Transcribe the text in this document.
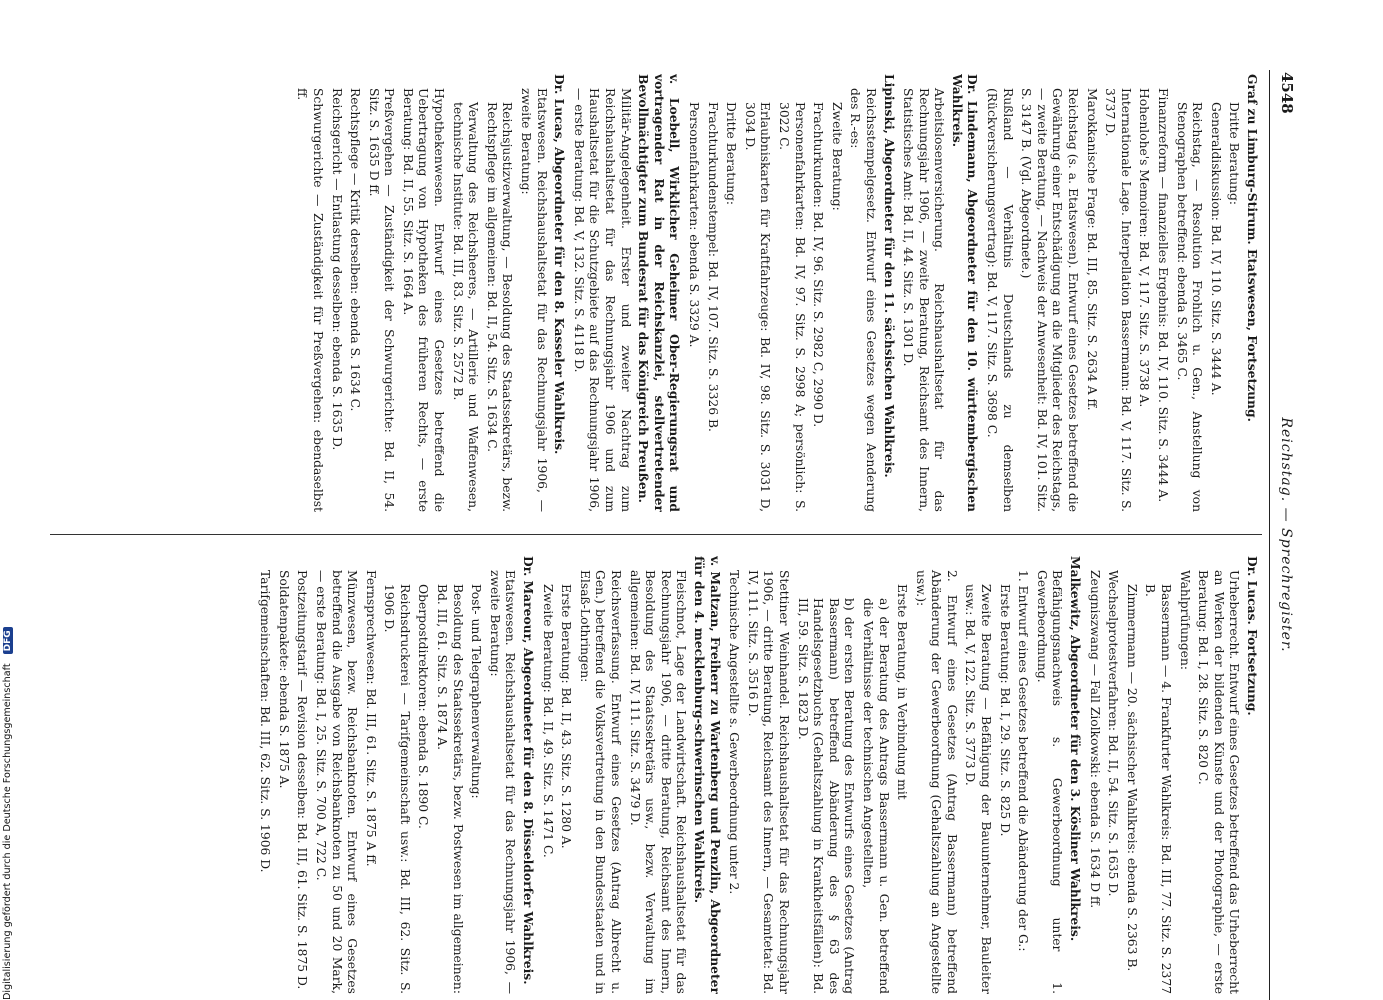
4548
Reichstag. — Sprechregister.
Graf zu Limburg-Stirum. Etatswesen, Fortsetzung.
Dritte Beratung:
Generaldiskussion: Bd. IV, 110. Sitz. S. 3444 A.
Reichstag, — Resolution Frohlich u. Gen., Anstellung von Stenographen betreffend: ebenda S. 3465 C.
Finanzreform — finanzielles Ergebnis: Bd. IV, 110. Sitz. S. 3444 A.
Hohenlohe's Memoiren: Bd. V, 117. Sitz. S. 3738 A.
Internationale Lage. Interpellation Bassermann: Bd. V, 117. Sitz. S. 3737 D.
Marokkanische Frage: Bd. III, 85. Sitz. S. 2634 A ff.
Reichstag (s. a. Etatswesen). Entwurf eines Gesetzes betreffend die Gewährung einer Entschädigung an die Mitglieder des Reichstags, — zweite Beratung, — Nachweis der Anwesenheit: Bd. IV, 101. Sitz. S. 3147 B. (Vgl. Abgeordnete.)
Rußland — Verhältnis Deutschlands zu demselben (Rückversicherungsvertrag): Bd. V, 117. Sitz. S. 3698 C.
Dr. Lindemann, Abgeordneter für den 10. württembergischen Wahlkreis.
Arbeitslosenversicherung. Reichshaushaltsetat für das Rechnungsjahr 1906, — zweite Beratung, Reichsamt des Innern, Statistisches Amt: Bd. II, 44. Sitz. S. 1301 D.
Lipinski, Abgeordneter für den 11. sächsischen Wahlkreis.
Reichsstempelgesetz. Entwurf eines Gesetzes wegen Aenderung des R.-es:
Zweite Beratung:
Frachturkunden: Bd. IV, 96. Sitz. S. 2982 C, 2990 D.
Personenfahrkarten: Bd. IV, 97. Sitz. S. 2998 A; persönlich: S. 3022 C.
Erlaubniskarten für Kraftfahrzeuge: Bd. IV, 98. Sitz. S. 3031 D, 3034 D.
Dritte Beratung:
Frachturkundenstempel: Bd. IV, 107. Sitz. S. 3326 B.
Personenfahrkarten: ebenda S. 3329 A.
v. Loebell, Wirklicher Geheimer Ober-Regierungsrat und vortragender Rat in der Reichskanzlei, stellvertretender Bevollmächtigter zum Bundesrat für das Königreich Preußen.
Militär-Angelegenheit. Erster und zweiter Nachtrag zum Reichshaushaltsetat für das Rechnungsjahr 1906 und zum Haushaltsetat für die Schutzgebiete auf das Rechnungsjahr 1906, — erste Beratung: Bd. V, 132. Sitz. S. 4118 D.
Dr. Lucas, Abgeordneter für den 8. Kasseler Wahlkreis.
Etatswesen. Reichshaushaltsetat für das Rechnungsjahr 1906, — zweite Beratung:
Reichsjustizverwaltung, — Besoldung des Staatssekretärs, bezw. Rechtspflege im allgemeinen: Bd. II, 54. Sitz. S. 1634 C.
Verwaltung des Reichsheeres, — Artillerie und Waffenwesen, technische Institute: Bd. III, 83. Sitz. S. 2572 B.
Hypothekenwesen. Entwurf eines Gesetzes betreffend die Uebertragung von Hypotheken des früheren Rechts, — erste Beratung: Bd. II, 55. Sitz. S. 1664 A.
Preßvergehen — Zuständigkeit der Schwurgerichte: Bd. II, 54. Sitz. S. 1635 D ff.
Rechtspflege — Kritik derselben: ebenda S. 1634 C.
Reichsgericht — Entlastung desselben: ebenda S. 1635 D.
Schwurgerichte — Zuständigkeit für Preßvergehen: ebendaselbst ff.
Dr. Lucas. Fortsetzung.
Urheberrecht. Entwurf eines Gesetzes betreffend das Urheberrecht an Werken der bildenden Künste und der Photographie, — erste Beratung: Bd. I, 28. Sitz. S. 820 C.
Wahlprüfungen:
Bassermann — 4. Frankfurter Wahlkreis: Bd. III, 77. Sitz. S. 2377 B.
Zimmermann — 20. sächsischer Wahlkreis: ebenda S. 2363 B.
Wechselprotestverfahren: Bd. II, 54. Sitz. S. 1635 D.
Zeugniszwang — Fall Ziolkowski: ebenda S. 1634 D ff.
Malkewitz, Abgeordneter für den 3. Kösliner Wahlkreis.
Befähigungsnachweis s. Gewerbeordnung unter 1. Gewerbeordnung.
1. Entwurf eines Gesetzes betreffend die Abänderung der G.:
Erste Beratung: Bd. I, 29. Sitz. S. 825 D.
Zweite Beratung — Befähigung der Bauunternehmer, Bauleiter usw.: Bd. V, 122. Sitz. S. 3773 D.
2. Entwurf eines Gesetzes (Antrag Bassermann) betreffend Abänderung der Gewerbeordnung (Gehaltszahlung an Angestellte usw.):
Erste Beratung, in Verbindung mit
a) der Beratung des Antrags Bassermann u. Gen. betreffend die Verhältnisse der technischen Angestellten,
b) der ersten Beratung des Entwurfs eines Gesetzes (Antrag Bassermann) betreffend Abänderung des § 63 des Handelsgesetzbuchs (Gehaltszahlung in Krankheitsfällen): Bd. III, 59. Sitz. S. 1823 D.
Stettiner Weinhandel. Reichshaushaltsetat für das Rechnungsjahr 1906, — dritte Beratung, Reichsamt des Innern, — Gesamtetat: Bd. IV, 111. Sitz. S. 3516 D.
Technische Angestellte s. Gewerbeordnung unter 2.
v. Maltzan, Freiherr zu Wartenberg und Penzlin, Abgeordneter für den 4. mecklenburg-schwerinschen Wahlkreis.
Fleischnot, Lage der Landwirtschaft. Reichshaushaltsetat für das Rechnungsjahr 1906, — dritte Beratung, Reichsamt des Innern, Besoldung des Staatssekretärs usw., bezw. Verwaltung im allgemeinen: Bd. IV, 111. Sitz. S. 3479 D.
Reichsverfassung. Entwurf eines Gesetzes (Antrag Albrecht u. Gen.) betreffend die Volksvertretung in den Bundesstaaten und in Elsaß-Lothringen:
Erste Beratung: Bd. II, 43. Sitz. S. 1280 A.
Zweite Beratung: Bd. II, 49. Sitz. S. 1471 C.
Dr. Mareour, Abgeordneter für den 8. Düsseldorfer Wahlkreis.
Etatswesen. Reichshaushaltsetat für das Rechnungsjahr 1906, — zweite Beratung:
Post- und Telegraphenverwaltung:
Besoldung des Staatssekretärs, bezw. Postwesen im allgemeinen: Bd. III, 61. Sitz. S. 1874 A.
Oberpostdirektoren: ebenda S. 1890 C.
Reichsdruckerei — Tarifgemeinschaft usw.: Bd. III, 62. Sitz. S. 1906 D.
Fernsprechwesen: Bd. III, 61. Sitz. S. 1875 A ff.
Münzwesen, bezw. Reichsbanknoten. Entwurf eines Gesetzes betreffend die Ausgabe von Reichsbanknoten zu 50 und 20 Mark, — erste Beratung: Bd. I, 25. Sitz. S. 700 A, 722 C.
Postzeitungstarif — Revision desselben: Bd. III, 61. Sitz. S. 1875 D.
Soldatenpakete: ebenda S. 1875 A.
Tarifgemeinschaften: Bd. III, 62. Sitz. S. 1906 D.
Digitalisierung gefördert durch die Deutsche Forschungsgemeinschaft DFG
